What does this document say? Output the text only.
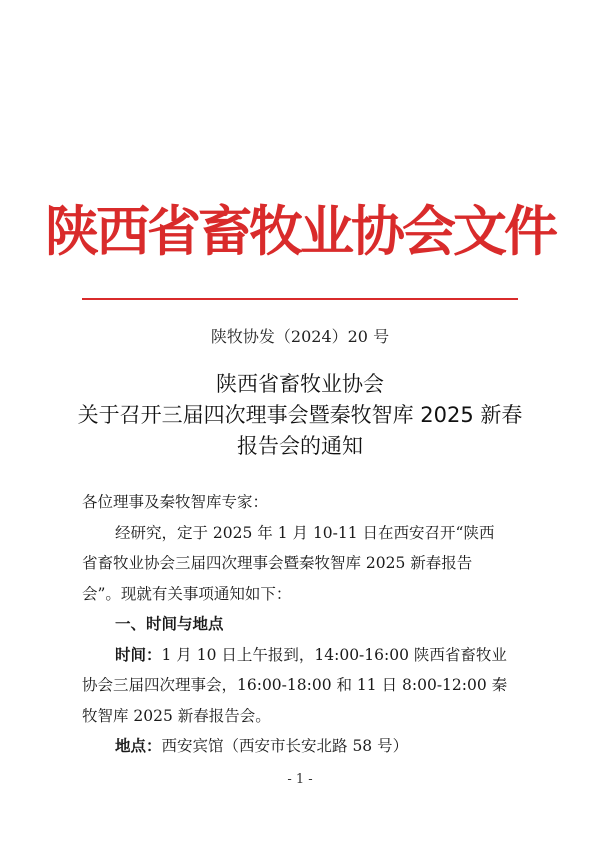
陕西省畜牧业协会文件
陕牧协发（2024）20 号
陕西省畜牧业协会
关于召开三届四次理事会暨秦牧智库 2025 新春
报告会的通知
各位理事及秦牧智库专家：
经研究，定于 2025 年 1 月 10-11 日在西安召开“陕西
省畜牧业协会三届四次理事会暨秦牧智库 2025 新春报告
会”。现就有关事项通知如下：
一、时间与地点
时间：1 月 10 日上午报到，14:00-16:00 陕西省畜牧业
协会三届四次理事会，16:00-18:00 和 11 日 8:00-12:00 秦
牧智库 2025 新春报告会。
地点：西安宾馆（西安市长安北路 58 号）
- 1 -
